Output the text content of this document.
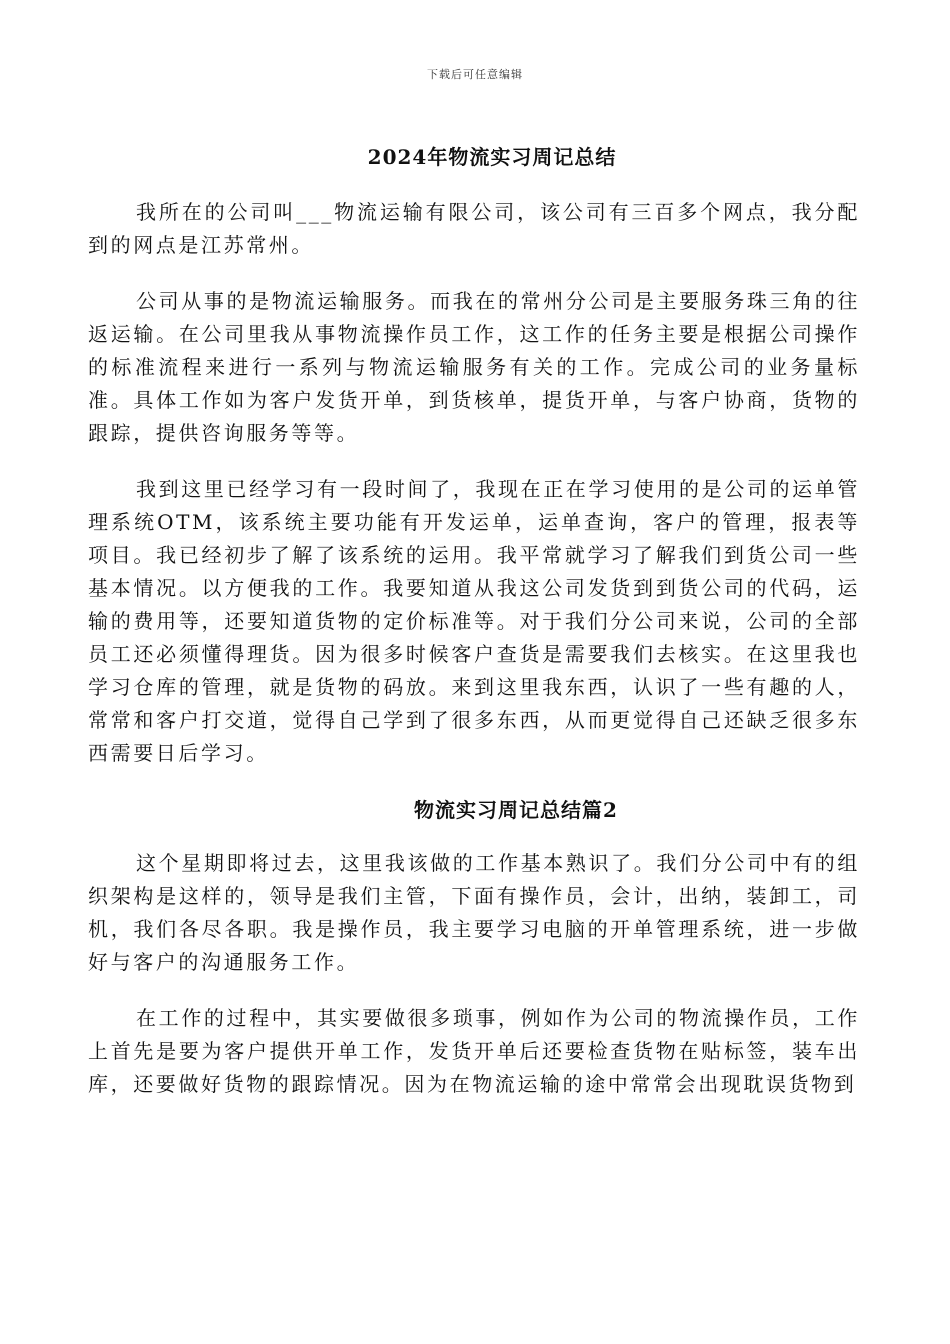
下载后可任意编辑
2024年物流实习周记总结

我所在的公司叫___物流运输有限公司，该公司有三百多个网点，我分配到的网点是江苏常州。

公司从事的是物流运输服务。而我在的常州分公司是主要服务珠三角的往返运输。在公司里我从事物流操作员工作，这工作的任务主要是根据公司操作的标准流程来进行一系列与物流运输服务有关的工作。完成公司的业务量标准。具体工作如为客户发货开单，到货核单，提货开单，与客户协商，货物的跟踪，提供咨询服务等等。

我到这里已经学习有一段时间了，我现在正在学习使用的是公司的运单管理系统OTM，该系统主要功能有开发运单，运单查询，客户的管理，报表等项目。我已经初步了解了该系统的运用。我平常就学习了解我们到货公司一些基本情况。以方便我的工作。我要知道从我这公司发货到到货公司的代码，运输的费用等，还要知道货物的定价标准等。对于我们分公司来说，公司的全部员工还必须懂得理货。因为很多时候客户查货是需要我们去核实。在这里我也学习仓库的管理，就是货物的码放。来到这里我东西，认识了一些有趣的人，常常和客户打交道，觉得自己学到了很多东西，从而更觉得自己还缺乏很多东西需要日后学习。

物流实习周记总结篇2

这个星期即将过去，这里我该做的工作基本熟识了。我们分公司中有的组织架构是这样的，领导是我们主管，下面有操作员，会计，出纳，装卸工，司机，我们各尽各职。我是操作员，我主要学习电脑的开单管理系统，进一步做好与客户的沟通服务工作。

在工作的过程中，其实要做很多琐事，例如作为公司的物流操作员，工作上首先是要为客户提供开单工作，发货开单后还要检查货物在贴标签，装车出库，还要做好货物的跟踪情况。因为在物流运输的途中常常会出现耽误货物到
